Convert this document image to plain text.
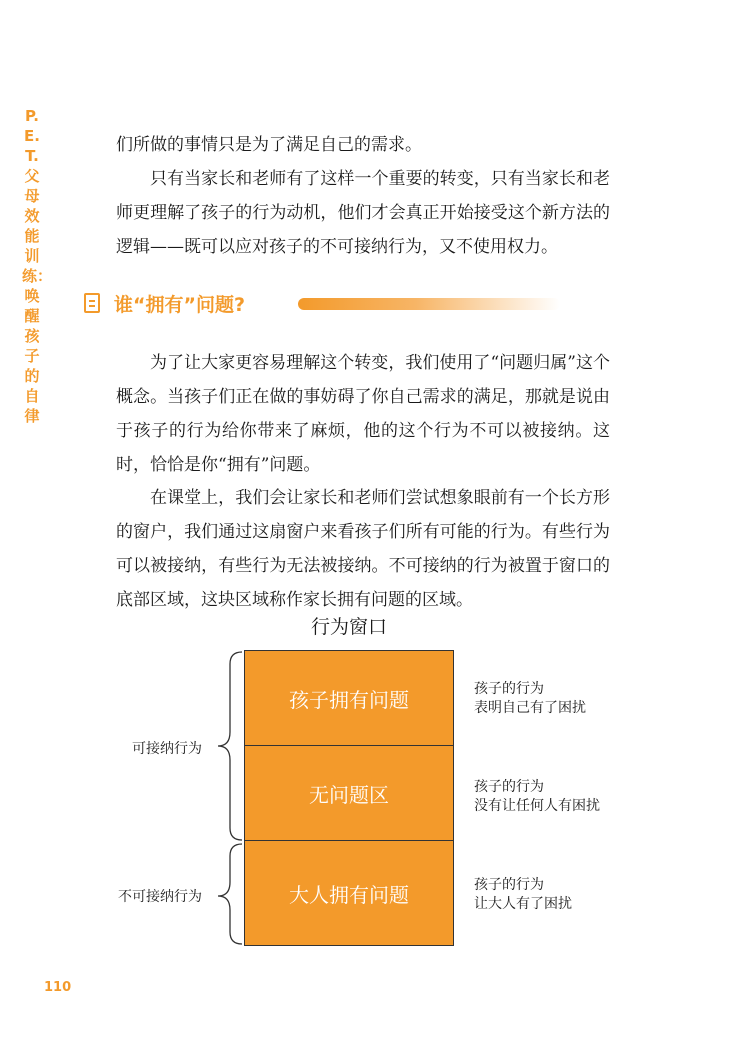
P.E.T.父母效能训练：唤醒孩子的自律

们所做的事情只是为了满足自己的需求。

只有当家长和老师有了这样一个重要的转变，只有当家长和老师更理解了孩子的行为动机，他们才会真正开始接受这个新方法的逻辑——既可以应对孩子的不可接纳行为，又不使用权力。

谁“拥有”问题?

为了让大家更容易理解这个转变，我们使用了“问题归属”这个概念。当孩子们正在做的事妨碍了你自己需求的满足，那就是说由于孩子的行为给你带来了麻烦，他的这个行为不可以被接纳。这时，恰恰是你“拥有”问题。

在课堂上，我们会让家长和老师们尝试想象眼前有一个长方形的窗户，我们通过这扇窗户来看孩子们所有可能的行为。有些行为可以被接纳，有些行为无法被接纳。不可接纳的行为被置于窗口的底部区域，这块区域称作家长拥有问题的区域。

行为窗口
孩子拥有问题
无问题区
大人拥有问题
孩子的行为
表明自己有了困扰
孩子的行为
没有让任何人有困扰
孩子的行为
让大人有了困扰
可接纳行为
不可接纳行为
110
